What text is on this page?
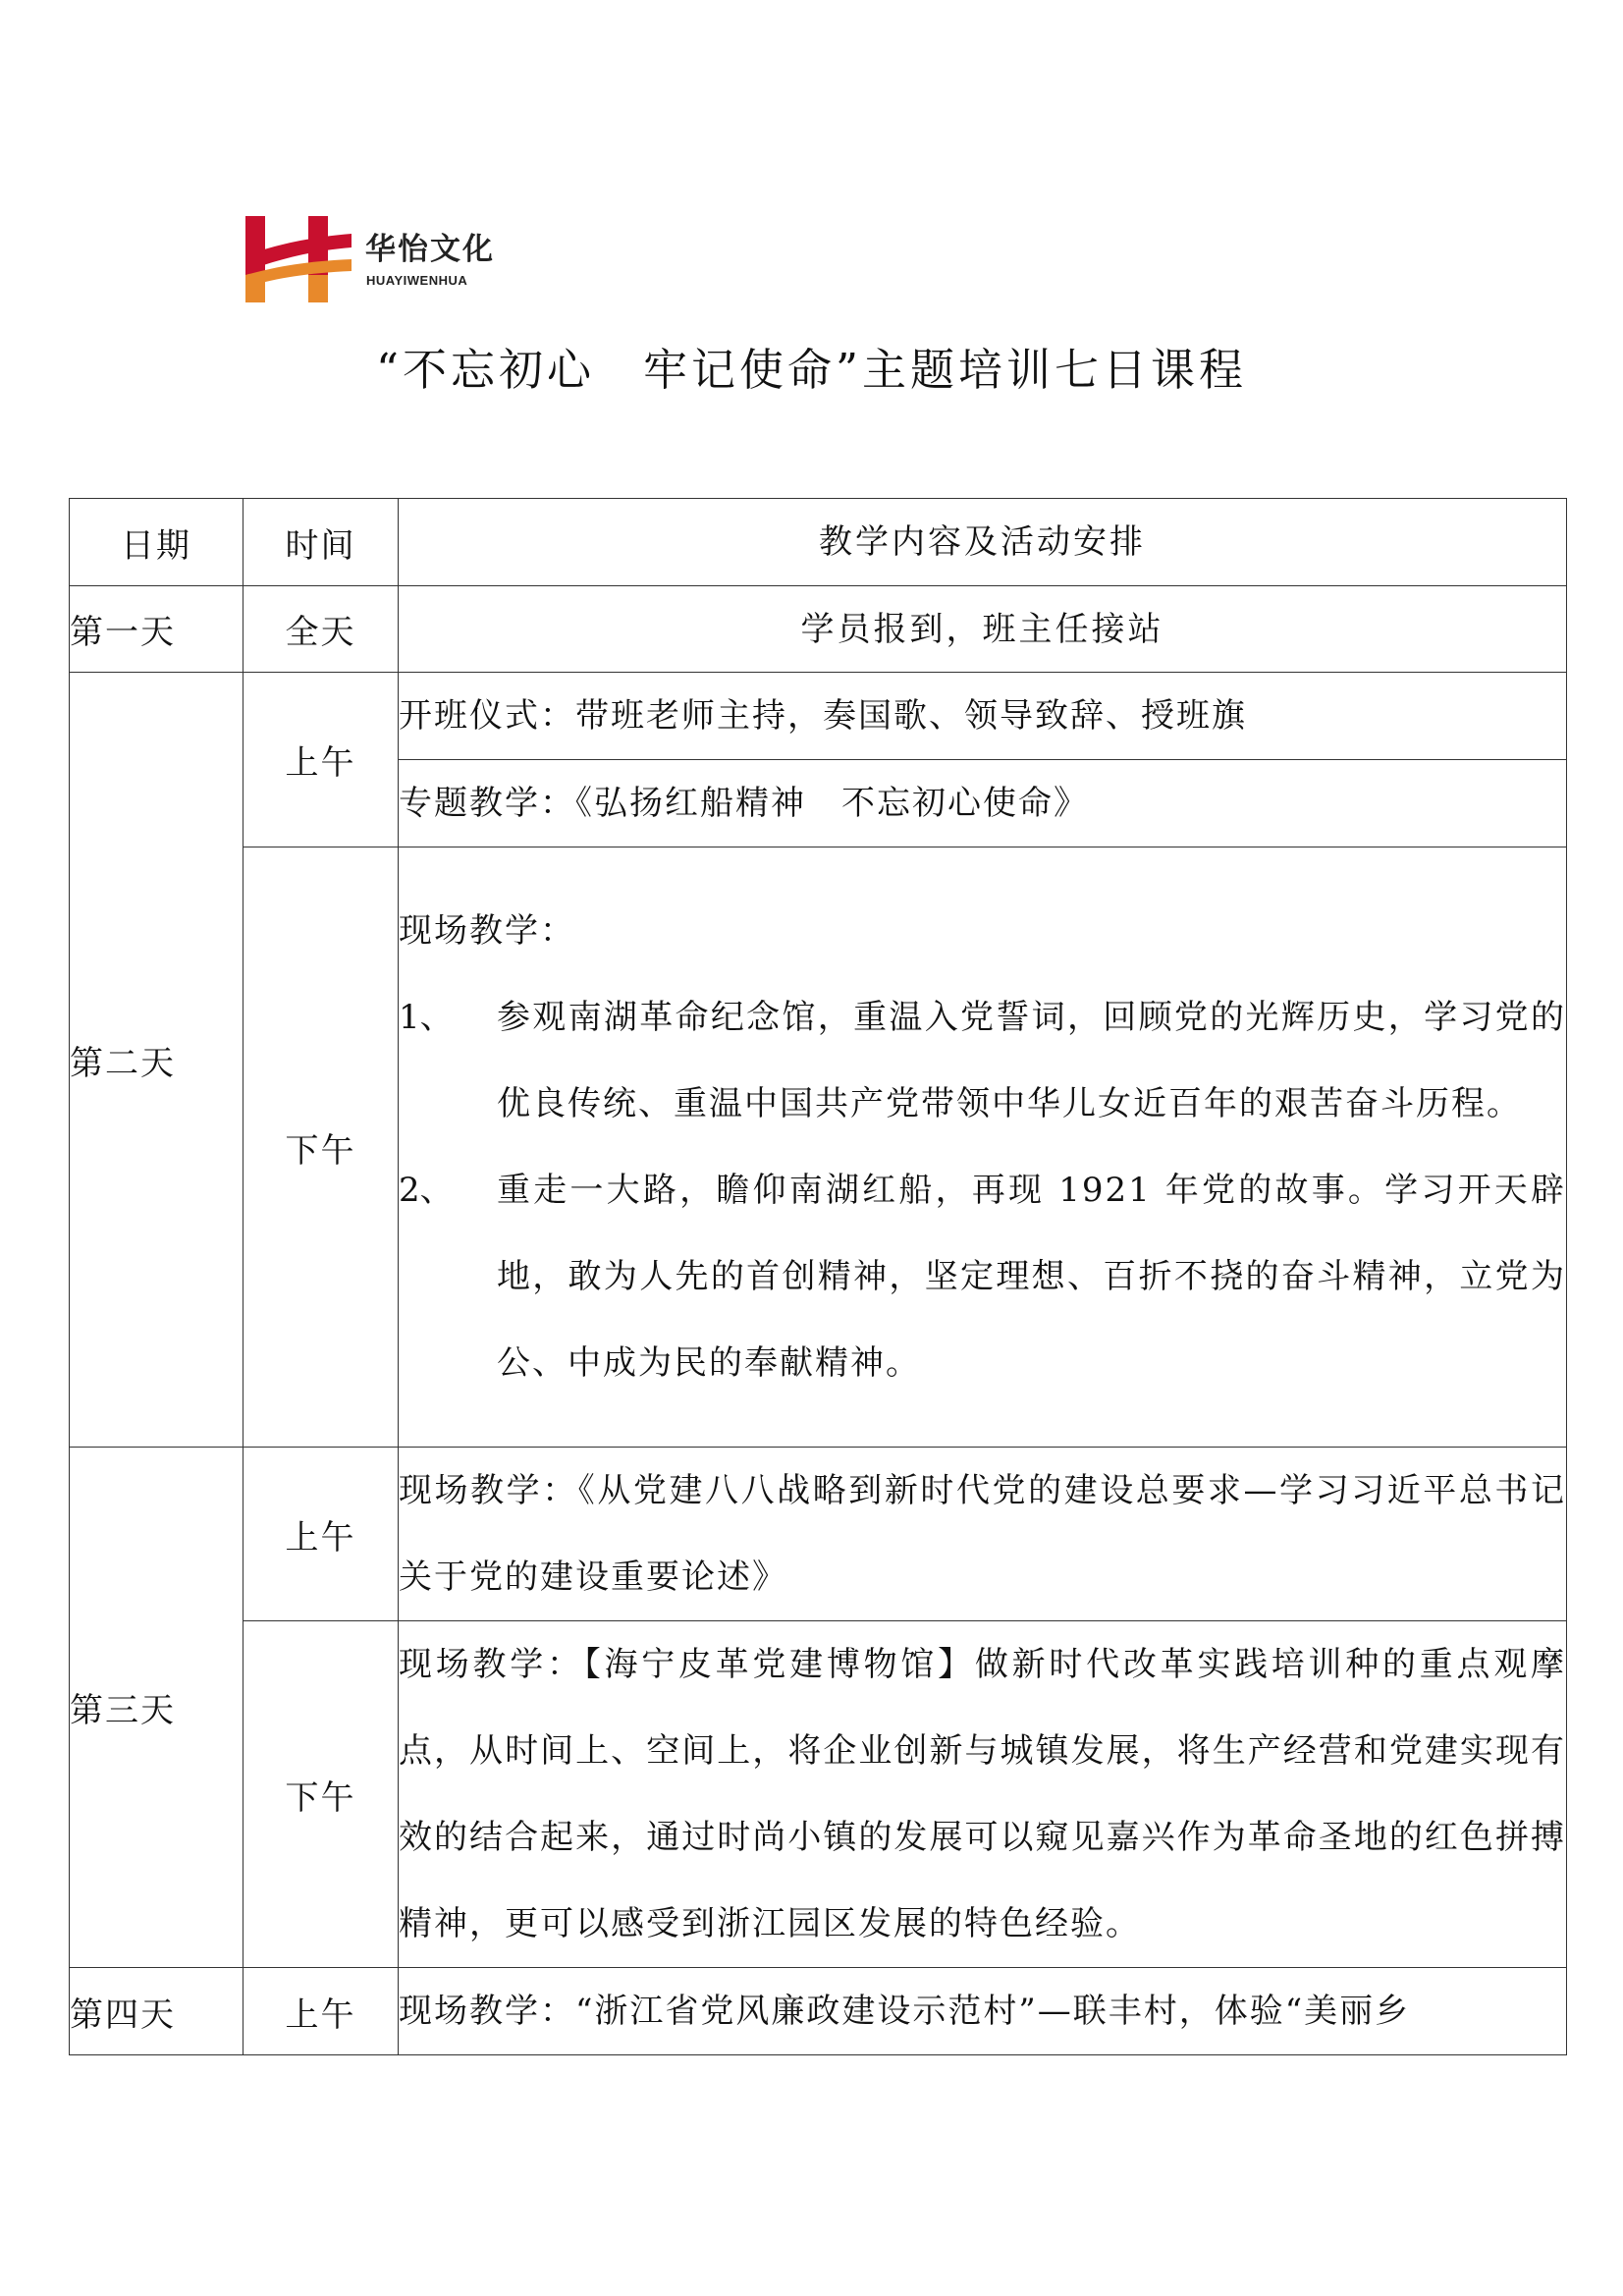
华怡文化
HUAYIWENHUA
“不忘初心　牢记使命”主题培训七日课程
日期	时间	教学内容及活动安排
第一天	全天	学员报到，班主任接站
第二天	上午	开班仪式：带班老师主持，奏国歌、领导致辞、授班旗
		专题教学：《弘扬红船精神　不忘初心使命》
	下午	现场教学：
1、 参观南湖革命纪念馆，重温入党誓词，回顾党的光辉历史，学习党的优良传统、重温中国共产党带领中华儿女近百年的艰苦奋斗历程。
2、 重走一大路，瞻仰南湖红船，再现 1921 年党的故事。学习开天辟地，敢为人先的首创精神，坚定理想、百折不挠的奋斗精神，立党为公、中成为民的奉献精神。

第三天	上午	现场教学：《从党建八八战略到新时代党的建设总要求—学习习近平总书记关于党的建设重要论述》
	下午	现场教学：【海宁皮革党建博物馆】做新时代改革实践培训种的重点观摩点，从时间上、空间上，将企业创新与城镇发展，将生产经营和党建实现有效的结合起来，通过时尚小镇的发展可以窥见嘉兴作为革命圣地的红色拼搏精神，更可以感受到浙江园区发展的特色经验。
第四天	上午	现场教学：“浙江省党风廉政建设示范村”—联丰村，体验“美丽乡
